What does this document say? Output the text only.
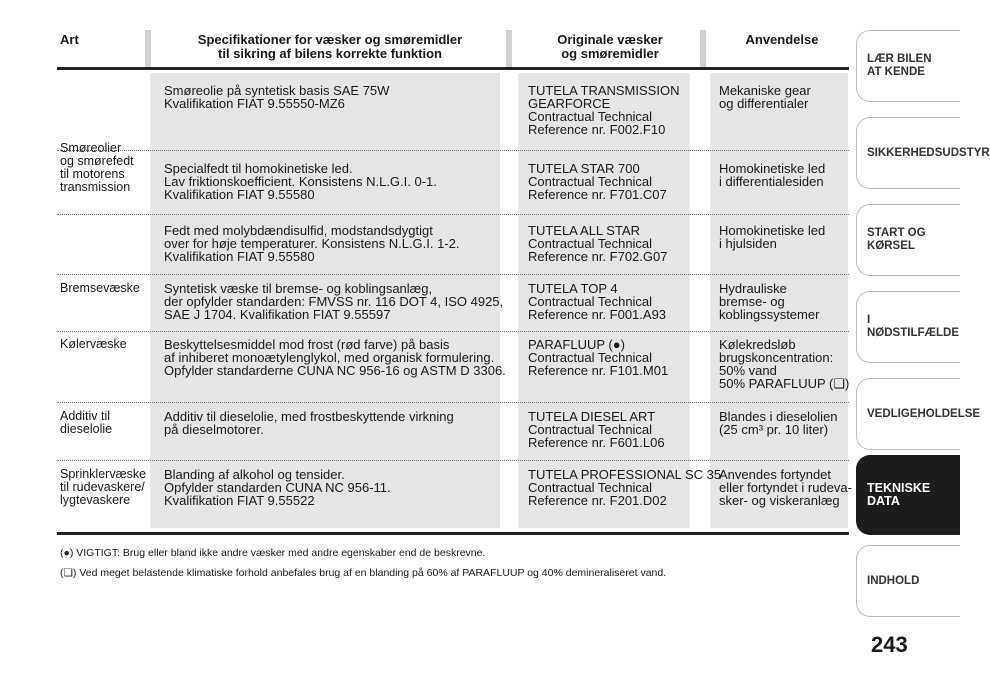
Art	Specifikationer for væsker og smøremidler
til sikring af bilens korrekte funktion
Originale væsker
og smøremidler
Anvendelse
Smøreolier
og smørefedt
til motorens
transmission
Bremsevæske
Kølervæske
Additiv til
dieselolie
Sprinklervæske
til rudevaskere/
lygtevaskere
Smøreolie på syntetisk basis SAE 75W
Kvalifikation FIAT 9.55550-MZ6
TUTELA TRANSMISSION
GEARFORCE
Contractual Technical
Reference nr. F002.F10
Mekaniske gear
og differentialer
Specialfedt til homokinetiske led.
Lav friktionskoefficient. Konsistens N.L.G.I. 0-1.
Kvalifikation FIAT 9.55580
TUTELA STAR 700
Contractual Technical
Reference nr. F701.C07
Homokinetiske led
i differentialesiden
Fedt med molybdændisulfid, modstandsdygtigt
over for høje temperaturer. Konsistens N.L.G.I. 1-2.
Kvalifikation FIAT 9.55580
TUTELA ALL STAR
Contractual Technical
Reference nr. F702.G07
Homokinetiske led
i hjulsiden
Syntetisk væske til bremse- og koblingsanlæg,
der opfylder standarden: FMVSS nr. 116 DOT 4, ISO 4925,
SAE J 1704. Kvalifikation FIAT 9.55597
TUTELA TOP 4
Contractual Technical
Reference nr. F001.A93
Hydrauliske
bremse- og
koblingssystemer
Beskyttelsesmiddel mod frost (rød farve) på basis
af inhiberet monoætylenglykol, med organisk formulering.
Opfylder standarderne CUNA NC 956-16 og ASTM D 3306.
PARAFLUUP (●)
Contractual Technical
Reference nr. F101.M01
Kølekredsløb
brugskoncentration:
50% vand
50% PARAFLUUP (❏)
Additiv til dieselolie, med frostbeskyttende virkning
på dieselmotorer.
TUTELA DIESEL ART
Contractual Technical
Reference nr. F601.L06
Blandes i dieselolien
(25 cm³ pr. 10 liter)
Blanding af alkohol og tensider.
Opfylder standarden CUNA NC 956-11.
Kvalifikation FIAT 9.55522
TUTELA PROFESSIONAL SC 35
Contractual Technical
Reference nr. F201.D02
Anvendes fortyndet
eller fortyndet i rudeva-
sker- og viskeranlæg
(●) VIGTIGT: Brug eller bland ikke andre væsker med andre egenskaber end de beskrevne.
(❏) Ved meget belastende klimatiske forhold anbefales brug af en blanding på 60% af PARAFLUUP og 40% demineraliseret vand.
LÆR BILEN
AT KENDE
SIKKERHEDSUDSTYR
START OG KØRSEL
I NØDSTILFÆLDE
VEDLIGEHOLDELSE
TEKNISKE DATA
INDHOLD
243
